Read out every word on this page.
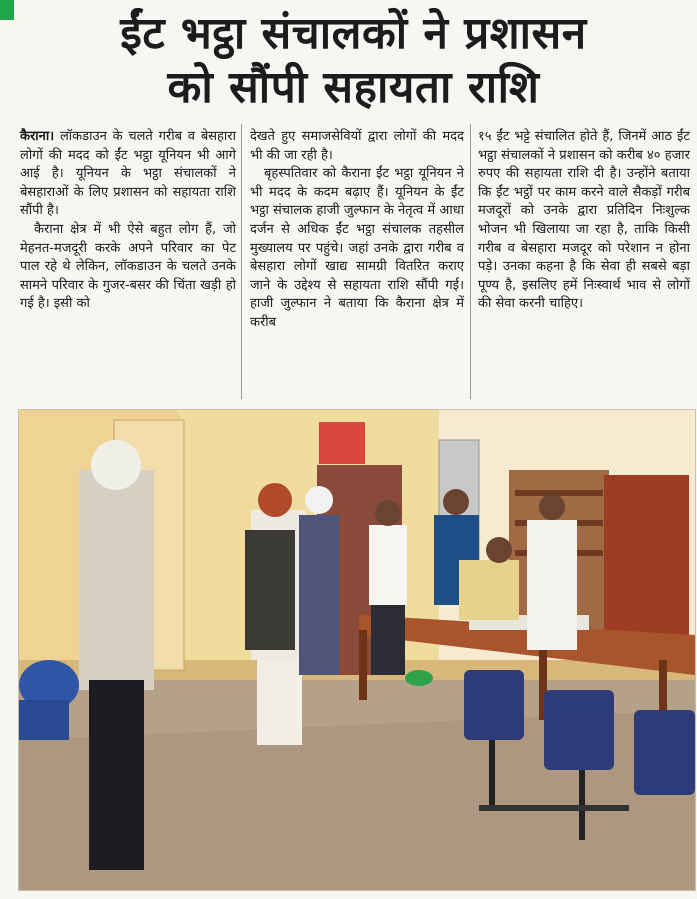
ईंट भट्ठा संचालकों ने प्रशासन
को सौंपी सहायता राशि

कैराना। लॉकडाउन के चलते गरीब व बेसहारा लोगों की मदद को ईंट भट्ठा यूनियन भी आगे आई है। यूनियन के भट्ठा संचालकों ने बेसहाराओं के लिए प्रशासन को सहायता राशि सौंपी है।

कैराना क्षेत्र में भी ऐसे बहुत लोग हैं, जो मेहनत-मजदूरी करके अपने परिवार का पेट पाल रहे थे लेकिन, लॉकडाउन के चलते उनके सामने परिवार के गुजर-बसर की चिंता खड़ी हो गई है। इसी को

देखते हुए समाजसेवियों द्वारा लोगों की मदद भी की जा रही है।

बृहस्पतिवार को कैराना ईंट भट्ठा यूनियन ने भी मदद के कदम बढ़ाए हैं। यूनियन के ईंट भट्ठा संचालक हाजी जुल्फान के नेतृत्व में आधा दर्जन से अधिक ईंट भट्ठा संचालक तहसील मुख्यालय पर पहुंचे। जहां उनके द्वारा गरीब व बेसहारा लोगों खाद्य सामग्री वितरित कराए जाने के उद्देश्य से सहायता राशि सौंपी गई। हाजी जुल्फान ने बताया कि कैराना क्षेत्र में करीब

१५ ईंट भट्टे संचालित होते हैं, जिनमें आठ ईंट भट्ठा संचालकों ने प्रशासन को करीब ४० हजार रुपए की सहायता राशि दी है। उन्होंने बताया कि ईंट भट्ठों पर काम करने वाले सैकड़ों गरीब मजदूरों को उनके द्वारा प्रतिदिन निःशुल्क भोजन भी खिलाया जा रहा है, ताकि किसी गरीब व बेसहारा मजदूर को परेशान न होना पड़े। उनका कहना है कि सेवा ही सबसे बड़ा पूण्य है, इसलिए हमें निःस्वार्थ भाव से लोगों की सेवा करनी चाहिए।
